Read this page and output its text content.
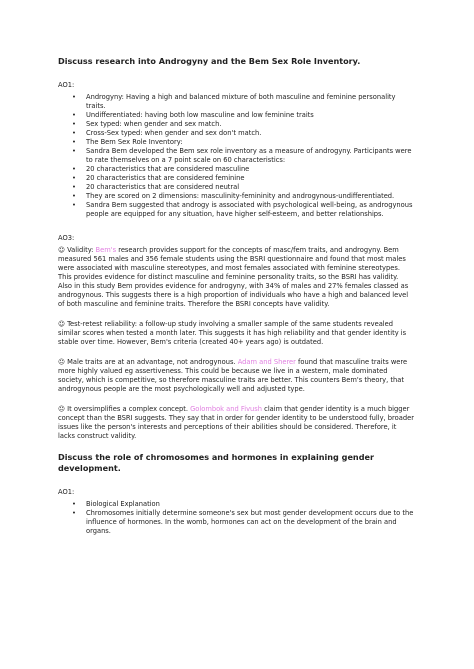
Discuss research into Androgyny and the Bem Sex Role Inventory.
AO1:
• Androgyny: Having a high and balanced mixture of both masculine and feminine personality traits.
• Undifferentiated: having both low masculine and low feminine traits
• Sex typed: when gender and sex match.
• Cross-Sex typed: when gender and sex don't match.
• The Bem Sex Role Inventory:
• Sandra Bem developed the Bem sex role inventory as a measure of androgyny. Participants were to rate themselves on a 7 point scale on 60 characteristics:
• 20 characteristics that are considered masculine
• 20 characteristics that are considered feminine
• 20 characteristics that are considered neutral
• They are scored on 2 dimensions: masculinity-femininity and androgynous-undifferentiated.
• Sandra Bem suggested that androgy is associated with psychological well-being, as androgynous people are equipped for any situation, have higher self-esteem, and better relationships.
AO3:
☺ Validity: Bem's research provides support for the concepts of masc/fem traits, and androgyny. Bem measured 561 males and 356 female students using the BSRI questionnaire and found that most males were associated with masculine stereotypes, and most females associated with feminine stereotypes. This provides evidence for distinct masculine and feminine personality traits, so the BSRI has validity. Also in this study Bem provides evidence for androgyny, with 34% of males and 27% females classed as androgynous. This suggests there is a high proportion of individuals who have a high and balanced level of both masculine and feminine traits. Therefore the BSRI concepts have validity.
☺ Test-retest reliability: a follow-up study involving a smaller sample of the same students revealed similar scores when tested a month later. This suggests it has high reliability and that gender identity is stable over time. However, Bem's criteria (created 40+ years ago) is outdated.
☹ Male traits are at an advantage, not androgynous. Adam and Sherer found that masculine traits were more highly valued eg assertiveness. This could be because we live in a western, male dominated society, which is competitive, so therefore masculine traits are better. This counters Bem's theory, that androgynous people are the most psychologically well and adjusted type.
☹ It oversimplifies a complex concept. Golombok and Fivush claim that gender identity is a much bigger concept than the BSRI suggests. They say that in order for gender identity to be understood fully, broader issues like the person's interests and perceptions of their abilities should be considered. Therefore, it lacks construct validity.
Discuss the role of chromosomes and hormones in explaining gender development.
AO1:
• Biological Explanation
• Chromosomes initially determine someone's sex but most gender development occurs due to the influence of hormones. In the womb, hormones can act on the development of the brain and organs.
